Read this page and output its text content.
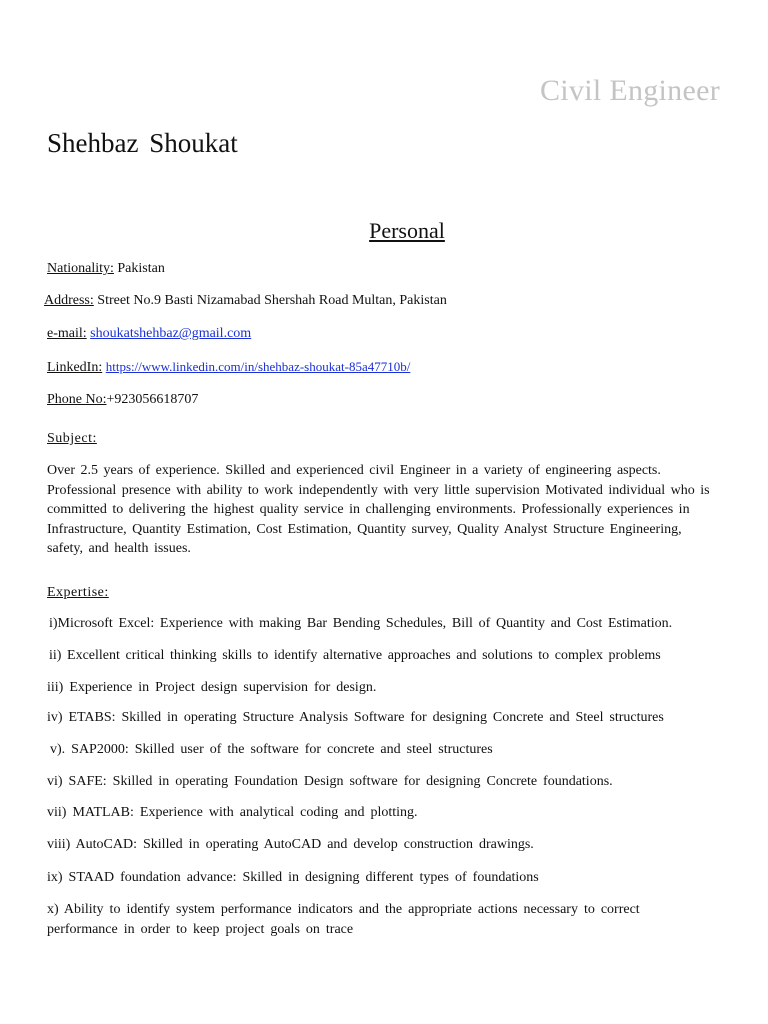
Civil Engineer
Shehbaz Shoukat
Personal
Nationality: Pakistan
Address: Street No.9 Basti Nizamabad Shershah Road Multan, Pakistan
e-mail: shoukatshehbaz@gmail.com
LinkedIn: https://www.linkedin.com/in/shehbaz-shoukat-85a47710b/
Phone No:+923056618707
Subject:
Over 2.5 years of experience. Skilled and experienced civil Engineer in a variety of engineering aspects. Professional presence with ability to work independently with very little supervision Motivated individual who is committed to delivering the highest quality service in challenging environments. Professionally experiences in Infrastructure, Quantity Estimation, Cost Estimation, Quantity survey, Quality Analyst Structure Engineering, safety, and health issues.
Expertise:
i)Microsoft Excel: Experience with making Bar Bending Schedules, Bill of Quantity and Cost Estimation.
ii) Excellent critical thinking skills to identify alternative approaches and solutions to complex problems
iii) Experience in Project design supervision for design.
iv) ETABS: Skilled in operating Structure Analysis Software for designing Concrete and Steel structures
v). SAP2000: Skilled user of the software for concrete and steel structures
vi) SAFE: Skilled in operating Foundation Design software for designing Concrete foundations.
vii) MATLAB: Experience with analytical coding and plotting.
viii) AutoCAD: Skilled in operating AutoCAD and develop construction drawings.
ix) STAAD foundation advance: Skilled in designing different types of foundations
x) Ability to identify system performance indicators and the appropriate actions necessary to correct performance in order to keep project goals on trace
